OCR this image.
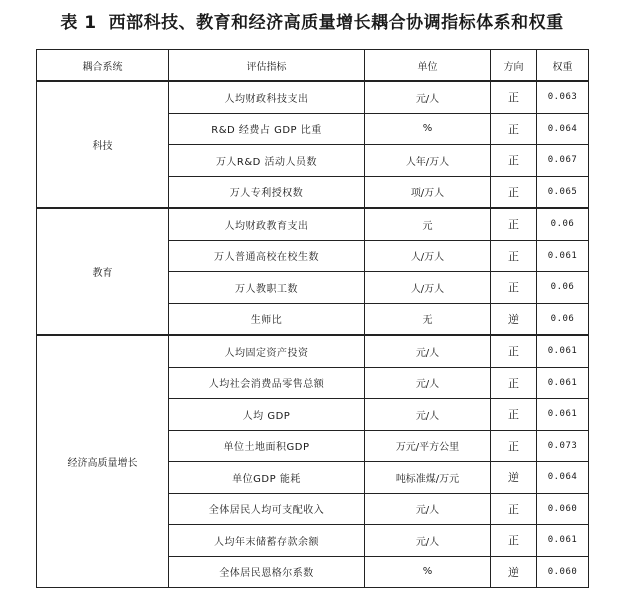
表 1 西部科技、教育和经济高质量增长耦合协调指标体系和权重
耦合系统	评估指标	单位	方向	权重
科技	人均财政科技支出	元/人	正	0.063
	R&D 经费占 GDP 比重	%	正	0.064
	万人R&D 活动人员数	人年/万人	正	0.067
	万人专利授权数	项/万人	正	0.065
教育	人均财政教育支出	元	正	0.06
	万人普通高校在校生数	人/万人	正	0.061
	万人教职工数	人/万人	正	0.06
	生师比	无	逆	0.06
经济高质量增长	人均固定资产投资	元/人	正	0.061
	人均社会消费品零售总额	元/人	正	0.061
	人均 GDP	元/人	正	0.061
	单位土地面积GDP	万元/平方公里	正	0.073
	单位GDP 能耗	吨标准煤/万元	逆	0.064
	全体居民人均可支配收入	元/人	正	0.060
	人均年末储蓄存款余额	元/人	正	0.061
	全体居民恩格尔系数	%	逆	0.060
